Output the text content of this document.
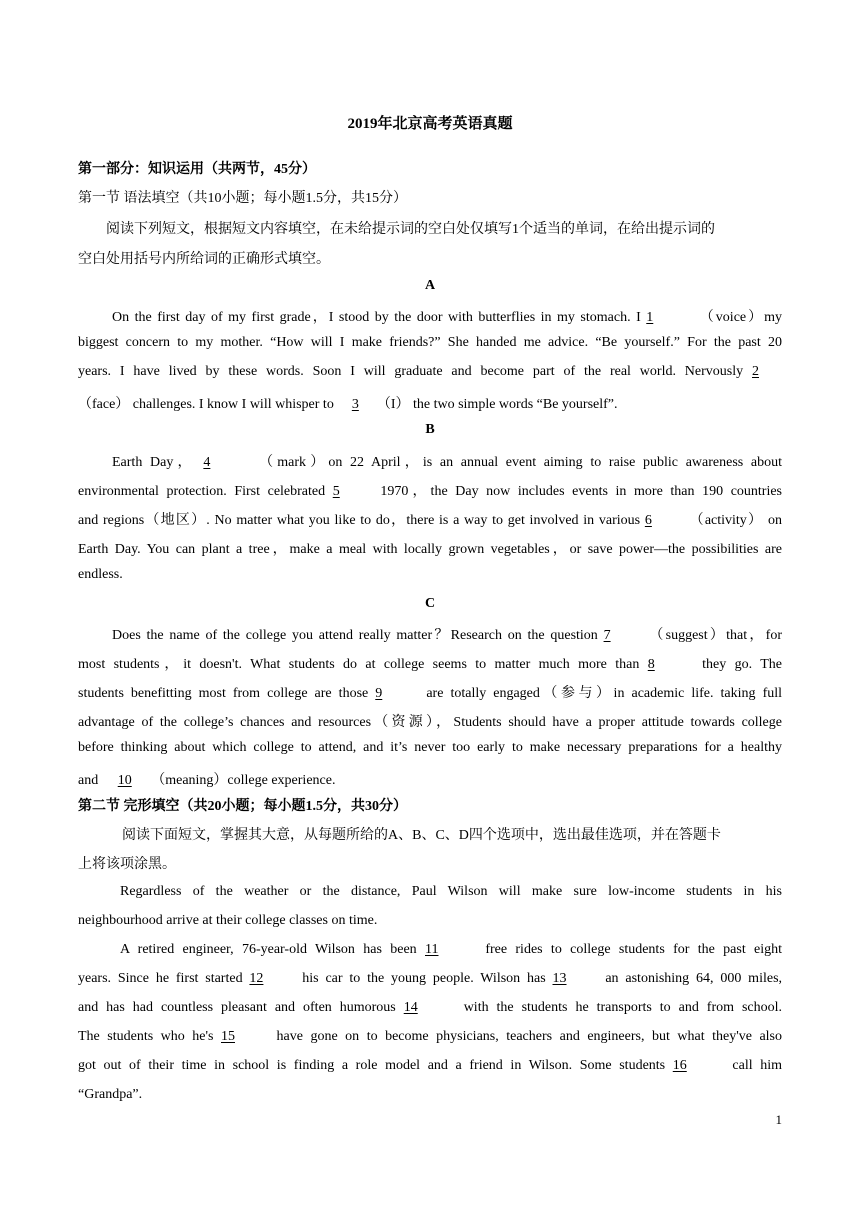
2019年北京高考英语真题
第一部分：知识运用（共两节，45分）
第一节 语法填空（共10小题；每小题1.5分，共15分）
阅读下列短文，根据短文内容填空，在未给提示词的空白处仅填写1个适当的单词，在给出提示词的
空白处用括号内所给词的正确形式填空。
A
On the first day of my first grade，I stood by the door with butterflies in my stomach. I 1	（voice）my
biggest concern to my mother. “How will I make friends?” She handed me advice. “Be yourself.” For the past 20
years. I have lived by these words. Soon I will graduate and become part of the real world. Nervously 2
（face） challenges. I know I will whisper to 3 （I） the two simple words “Be yourself”.
B
Earth Day， 4	（mark）on 22 April，is an annual event aiming to raise public awareness about
environmental protection. First celebrated 5	1970，the Day now includes events in more than 190 countries
and regions（地区）. No matter what you like to do，there is a way to get involved in various 6	（activity） on
Earth Day. You can plant a tree，make a meal with locally grown vegetables，or save power—the possibilities are
endless.
C
Does the name of the college you attend really matter？Research on the question 7	（suggest）that，for
most students，it doesn't. What students do at college seems to matter much more than 8	they go. The
students benefitting most from college are those 9	are totally engaged（参与）in academic life. taking full
advantage of the college’s chances and resources（资源），Students should have a proper attitude towards college
before thinking about which college to attend, and it’s never too early to make necessary preparations for a healthy
and 10 （meaning）college experience.
第二节 完形填空（共20小题；每小题1.5分，共30分）
阅读下面短文，掌握其大意，从每题所给的A、B、C、D四个选项中，选出最佳选项，并在答题卡
上将该项涂黑。
Regardless of the weather or the distance, Paul Wilson will make sure low-income students in his
neighbourhood arrive at their college classes on time.
A retired engineer, 76-year-old Wilson has been 11	free rides to college students for the past eight
years. Since he first started 12	his car to the young people. Wilson has 13	an astonishing 64, 000 miles,
and has had countless pleasant and often humorous 14	with the students he transports to and from school.
The students who he's 15	have gone on to become physicians, teachers and engineers, but what they've also
got out of their time in school is finding a role model and a friend in Wilson. Some students 16	call him
“Grandpa”.
1
